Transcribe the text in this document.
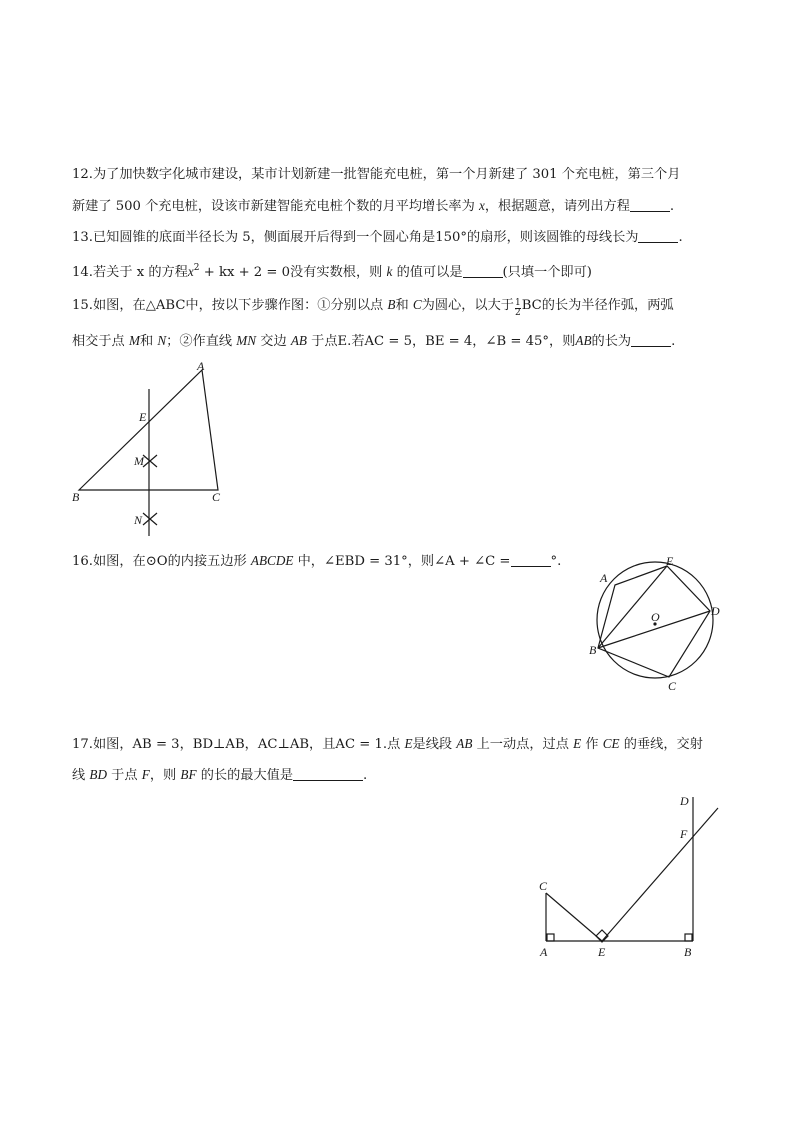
12.为了加快数字化城市建设，某市计划新建一批智能充电桩，第一个月新建了 301 个充电桩，第三个月
新建了 500 个充电桩，设该市新建智能充电桩个数的月平均增长率为 x，根据题意，请列出方程	.
13.已知圆锥的底面半径长为 5，侧面展开后得到一个圆心角是150°的扇形，则该圆锥的母线长为	.
14.若关于 x 的方程$x^2$ + kx + 2 = 0没有实数根，则 k 的值可以是	(只填一个即可)
15.如图，在△ABC中，按以下步骤作图：①分别以点 B和 C为圆心，以大于 $\frac{1}{2}$ BC的长为半径作弧，两弧
相交于点 M和 N；②作直线 MN 交边 AB 于点E.若AC = 5，BE = 4，∠B = 45°，则AB的长为	.
A
B	C
E
M
N
16.如图，在⊙O的内接五边形 ABCDE 中，∠EBD = 31°，则∠A + ∠C =	°.
A
B
C
D
E
O
17.如图，AB = 3，BD⊥AB，AC⊥AB，且AC = 1.点 E是线段 AB 上一动点，过点 E 作 CE 的垂线，交射
线 BD 于点 F，则 BF 的长的最大值是	.
C
A	E	B
D
F
